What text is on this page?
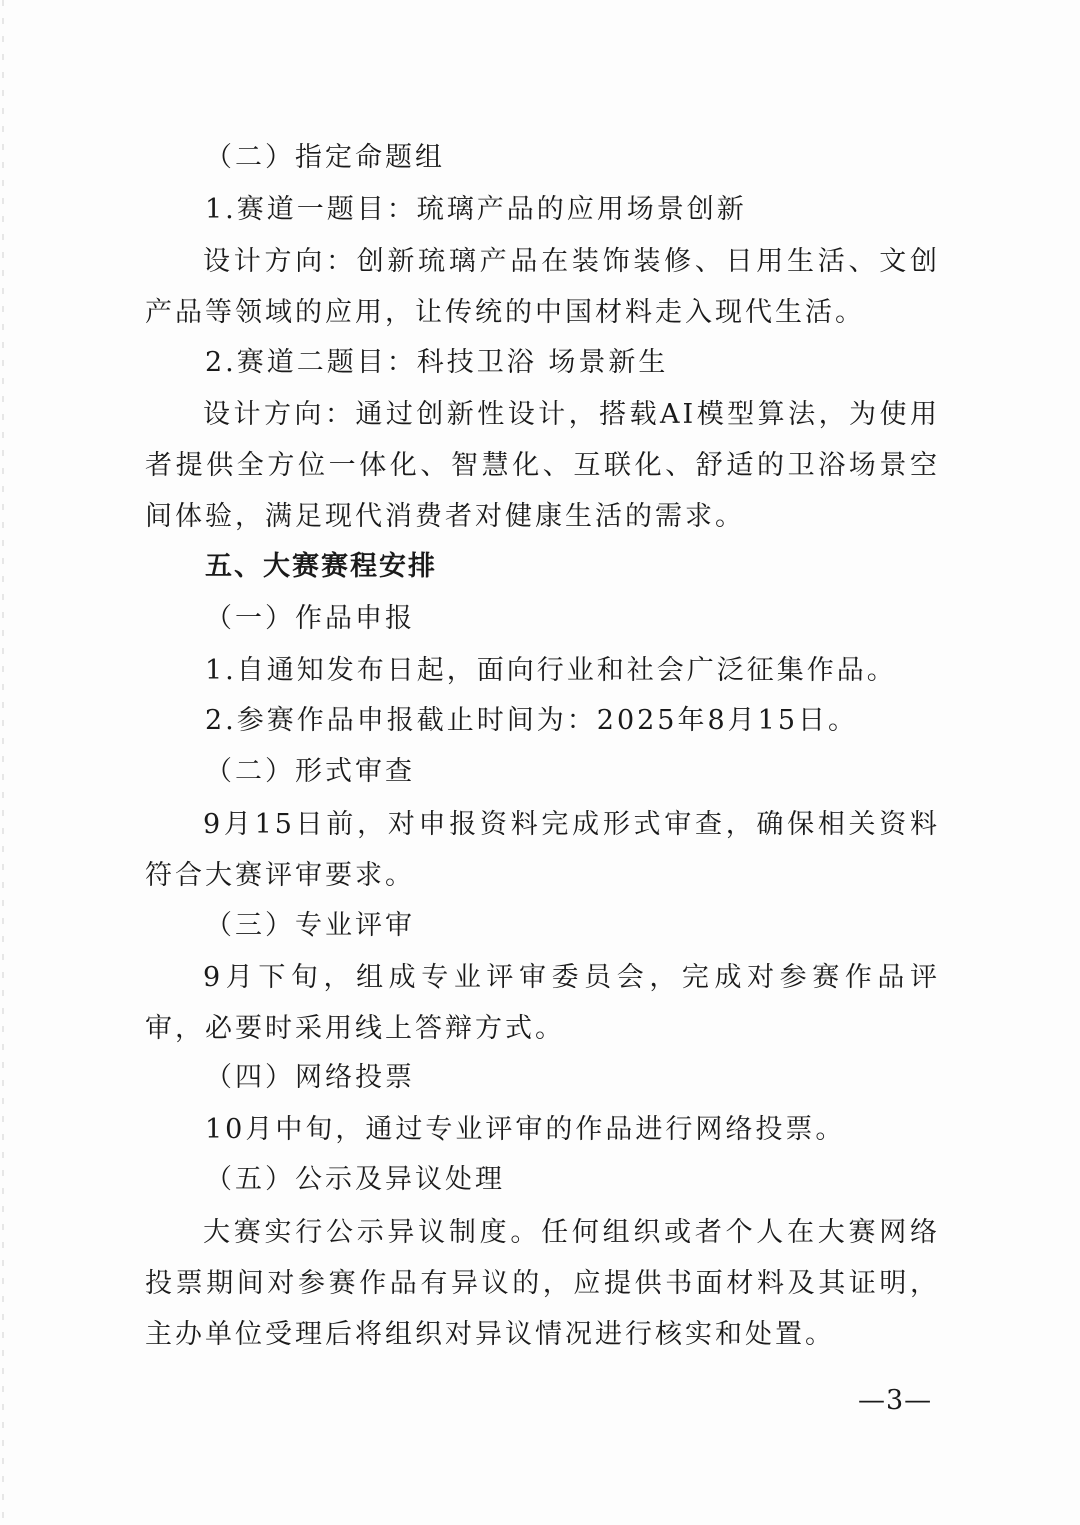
（二）指定命题组
1.赛道一题目：琉璃产品的应用场景创新
设计方向：创新琉璃产品在装饰装修、日用生活、文创产品等领域的应用，让传统的中国材料走入现代生活。
2.赛道二题目：科技卫浴 场景新生
设计方向：通过创新性设计，搭载AI模型算法，为使用者提供全方位一体化、智慧化、互联化、舒适的卫浴场景空间体验，满足现代消费者对健康生活的需求。
五、大赛赛程安排
（一）作品申报
1.自通知发布日起，面向行业和社会广泛征集作品。
2.参赛作品申报截止时间为：2025年8月15日。
（二）形式审查
9月15日前，对申报资料完成形式审查，确保相关资料符合大赛评审要求。
（三）专业评审
9月下旬，组成专业评审委员会，完成对参赛作品评审，必要时采用线上答辩方式。
（四）网络投票
10月中旬，通过专业评审的作品进行网络投票。
（五）公示及异议处理
大赛实行公示异议制度。任何组织或者个人在大赛网络投票期间对参赛作品有异议的，应提供书面材料及其证明，主办单位受理后将组织对异议情况进行核实和处置。
—3—
